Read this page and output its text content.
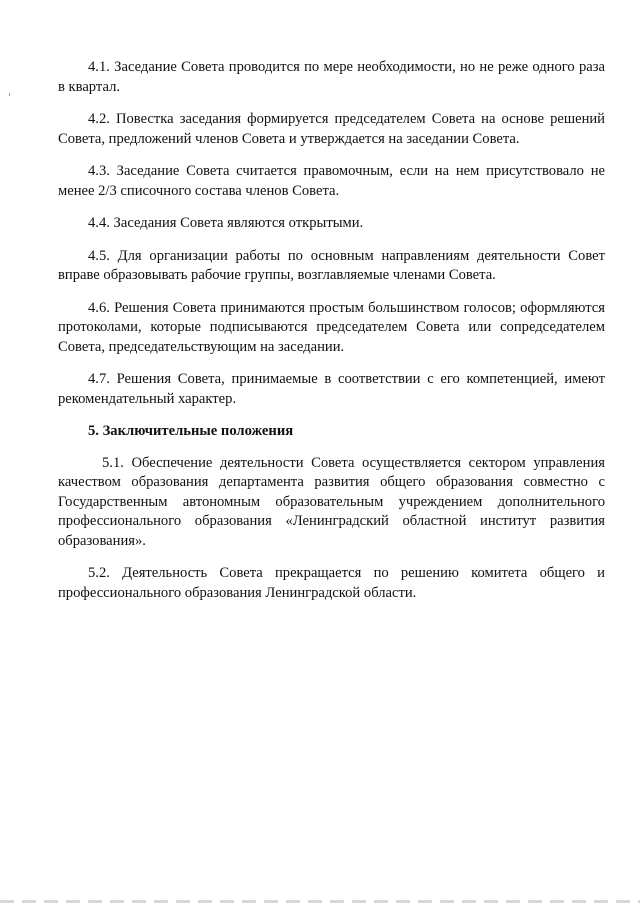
4.1. Заседание Совета проводится по мере необходимости, но не реже одного раза в квартал.

4.2. Повестка заседания формируется председателем Совета на основе решений Совета, предложений членов Совета и утверждается на заседании Совета.

4.3. Заседание Совета считается правомочным, если на нем присутствовало не менее 2/3 списочного состава членов Совета.

4.4. Заседания Совета являются открытыми.

4.5. Для организации работы по основным направлениям деятельности Совет вправе образовывать рабочие группы, возглавляемые членами Совета.

4.6. Решения Совета принимаются простым большинством голосов; оформляются протоколами, которые подписываются председателем Совета или сопредседателем Совета, председательствующим на заседании.

4.7. Решения Совета, принимаемые в соответствии с его компетенцией, имеют рекомендательный характер.

5. Заключительные положения

5.1. Обеспечение деятельности Совета осуществляется сектором управления качеством образования департамента развития общего образования совместно с Государственным автономным образовательным учреждением дополнительного профессионального образования «Ленинградский областной институт развития образования».

5.2. Деятельность Совета прекращается по решению комитета общего и профессионального образования Ленинградской области.
